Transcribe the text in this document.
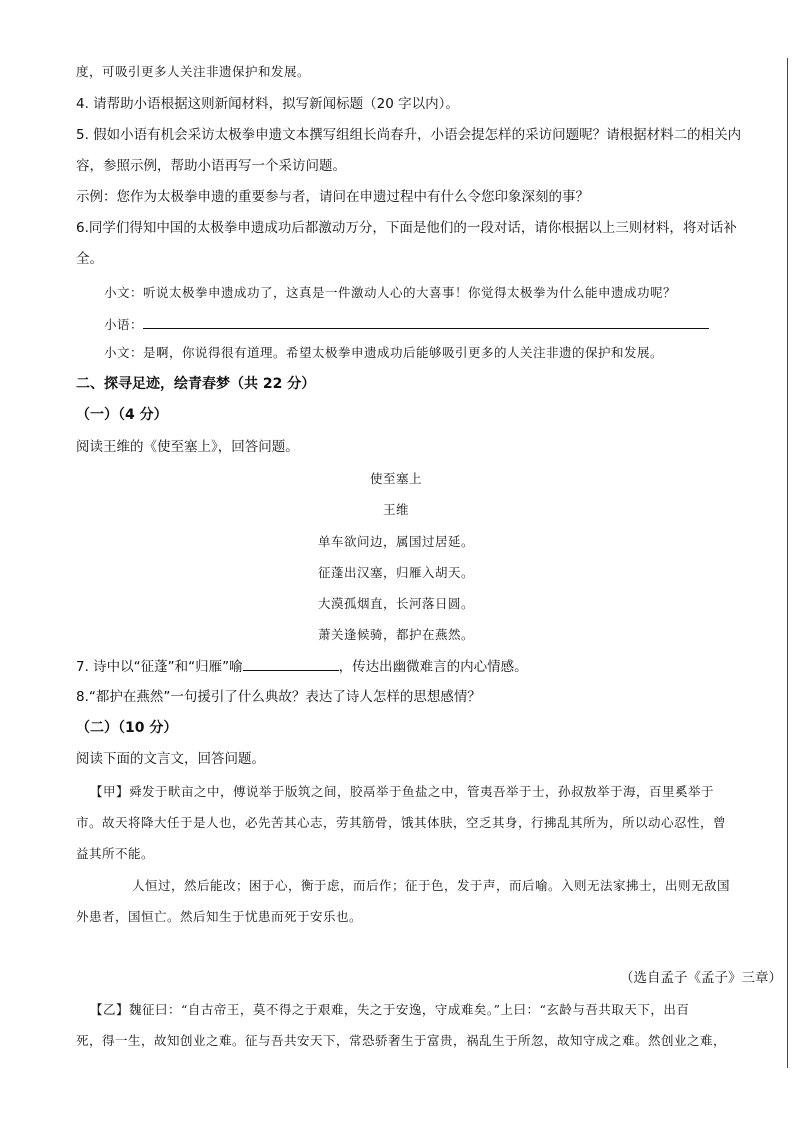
度，可吸引更多人关注非遗保护和发展。
4. 请帮助小语根据这则新闻材料，拟写新闻标题（20 字以内）。
5. 假如小语有机会采访太极拳申遗文本撰写组组长尚春升，小语会提怎样的采访问题呢？请根据材料二的相关内
容，参照示例，帮助小语再写一个采访问题。
示例：您作为太极拳申遗的重要参与者，请问在申遗过程中有什么令您印象深刻的事？
6.同学们得知中国的太极拳申遗成功后都激动万分，下面是他们的一段对话，请你根据以上三则材料，将对话补
全。
小文：听说太极拳申遗成功了，这真是一件激动人心的大喜事！你觉得太极拳为什么能申遗成功呢？
小语：
小文：是啊，你说得很有道理。希望太极拳申遗成功后能够吸引更多的人关注非遗的保护和发展。
二、探寻足迹，绘青春梦（共 22 分）
（一）（4 分）
阅读王维的《使至塞上》，回答问题。
使至塞上
王维
单车欲问边，属国过居延。
征蓬出汉塞，归雁入胡天。
大漠孤烟直，长河落日圆。
萧关逢候骑，都护在燕然。
7. 诗中以“征蓬”和“归雁”喻	，传达出幽微难言的内心情感。
8.“都护在燕然”一句援引了什么典故？表达了诗人怎样的思想感情？
（二）（10 分）
阅读下面的文言文，回答问题。
【甲】舜发于畎亩之中，傅说举于版筑之间，胶鬲举于鱼盐之中，管夷吾举于士，孙叔敖举于海，百里奚举于
市。故天将降大任于是人也，必先苦其心志，劳其筋骨，饿其体肤，空乏其身，行拂乱其所为，所以动心忍性，曾
益其所不能。
人恒过，然后能改；困于心，衡于虑，而后作；征于色，发于声，而后喻。入则无法家拂士，出则无敌国
外患者，国恒亡。然后知生于忧患而死于安乐也。
（选自孟子《孟子》三章）
【乙】魏征曰：“自古帝王，莫不得之于艰难，失之于安逸，守成难矣。”上曰：“玄龄与吾共取天下，出百
死，得一生，故知创业之难。征与吾共安天下，常恐骄奢生于富贵，祸乱生于所忽，故知守成之难。然创业之难，
